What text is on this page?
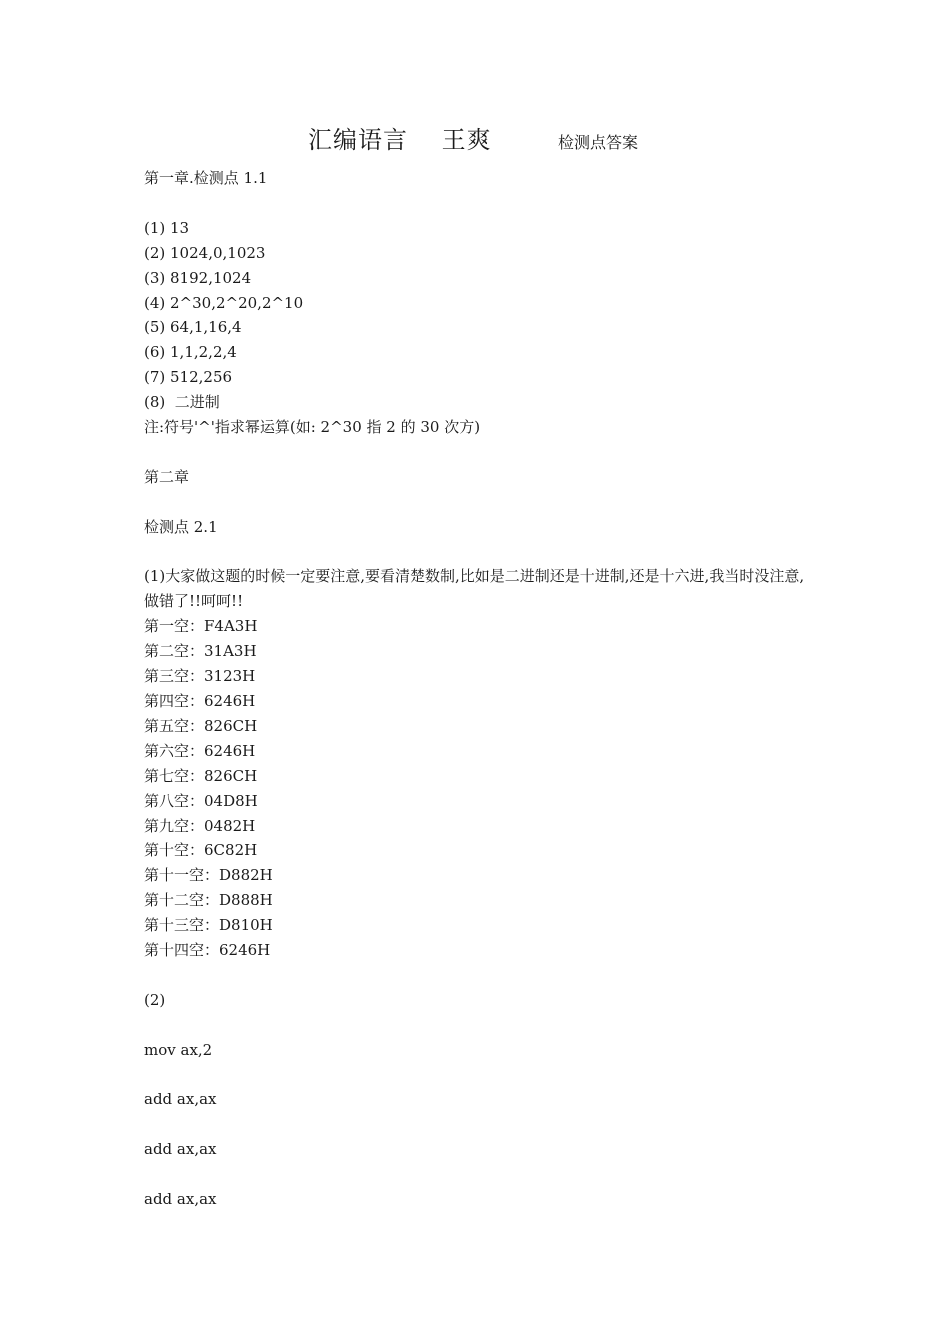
汇编语言　 王爽	检测点答案
第一章.检测点 1.1
(1) 13
(2) 1024,0,1023
(3) 8192,1024
(4) 2^30,2^20,2^10
(5) 64,1,16,4
(6) 1,1,2,2,4
(7) 512,256
(8)  二进制
注:符号'^'指求幂运算(如: 2^30 指 2 的 30 次方)
第二章
检测点 2.1
(1)大家做这题的时候一定要注意,要看清楚数制,比如是二进制还是十进制,还是十六进,我当时没注意,做错了!!呵呵!!
第一空：F4A3H
第二空：31A3H
第三空：3123H
第四空：6246H
第五空：826CH
第六空：6246H
第七空：826CH
第八空：04D8H
第九空：0482H
第十空：6C82H
第十一空：D882H
第十二空：D888H
第十三空：D810H
第十四空：6246H
(2)
mov ax,2
add ax,ax
add ax,ax
add ax,ax
